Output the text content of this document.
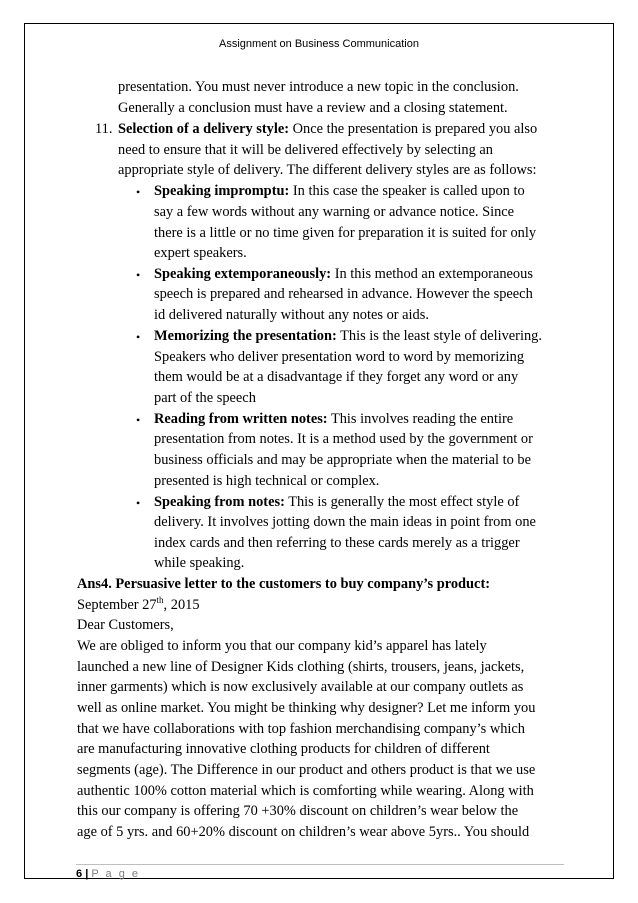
Assignment on Business Communication
presentation. You must never introduce a new topic in the conclusion.
Generally a conclusion must have a review and a closing statement.
11. Selection of a delivery style: Once the presentation is prepared you also
need to ensure that it will be delivered effectively by selecting an
appropriate style of delivery. The different delivery styles are as follows:
• Speaking impromptu: In this case the speaker is called upon to
say a few words without any warning or advance notice. Since
there is a little or no time given for preparation it is suited for only
expert speakers.
• Speaking extemporaneously: In this method an extemporaneous
speech is prepared and rehearsed in advance. However the speech
id delivered naturally without any notes or aids.
• Memorizing the presentation: This is the least style of delivering.
Speakers who deliver presentation word to word by memorizing
them would be at a disadvantage if they forget any word or any
part of the speech
• Reading from written notes: This involves reading the entire
presentation from notes. It is a method used by the government or
business officials and may be appropriate when the material to be
presented is high technical or complex.
• Speaking from notes: This is generally the most effect style of
delivery. It involves jotting down the main ideas in point from one
index cards and then referring to these cards merely as a trigger
while speaking.
Ans4. Persuasive letter to the customers to buy company’s product:
September 27th, 2015
Dear Customers,
We are obliged to inform you that our company kid’s apparel has lately
launched a new line of Designer Kids clothing (shirts, trousers, jeans, jackets,
inner garments) which is now exclusively available at our company outlets as
well as online market. You might be thinking why designer? Let me inform you
that we have collaborations with top fashion merchandising company’s which
are manufacturing innovative clothing products for children of different
segments (age). The Difference in our product and others product is that we use
authentic 100% cotton material which is comforting while wearing. Along with
this our company is offering 70 +30% discount on children’s wear below the
age of 5 yrs. and 60+20% discount on children’s wear above 5yrs.. You should
6 | P a g e
